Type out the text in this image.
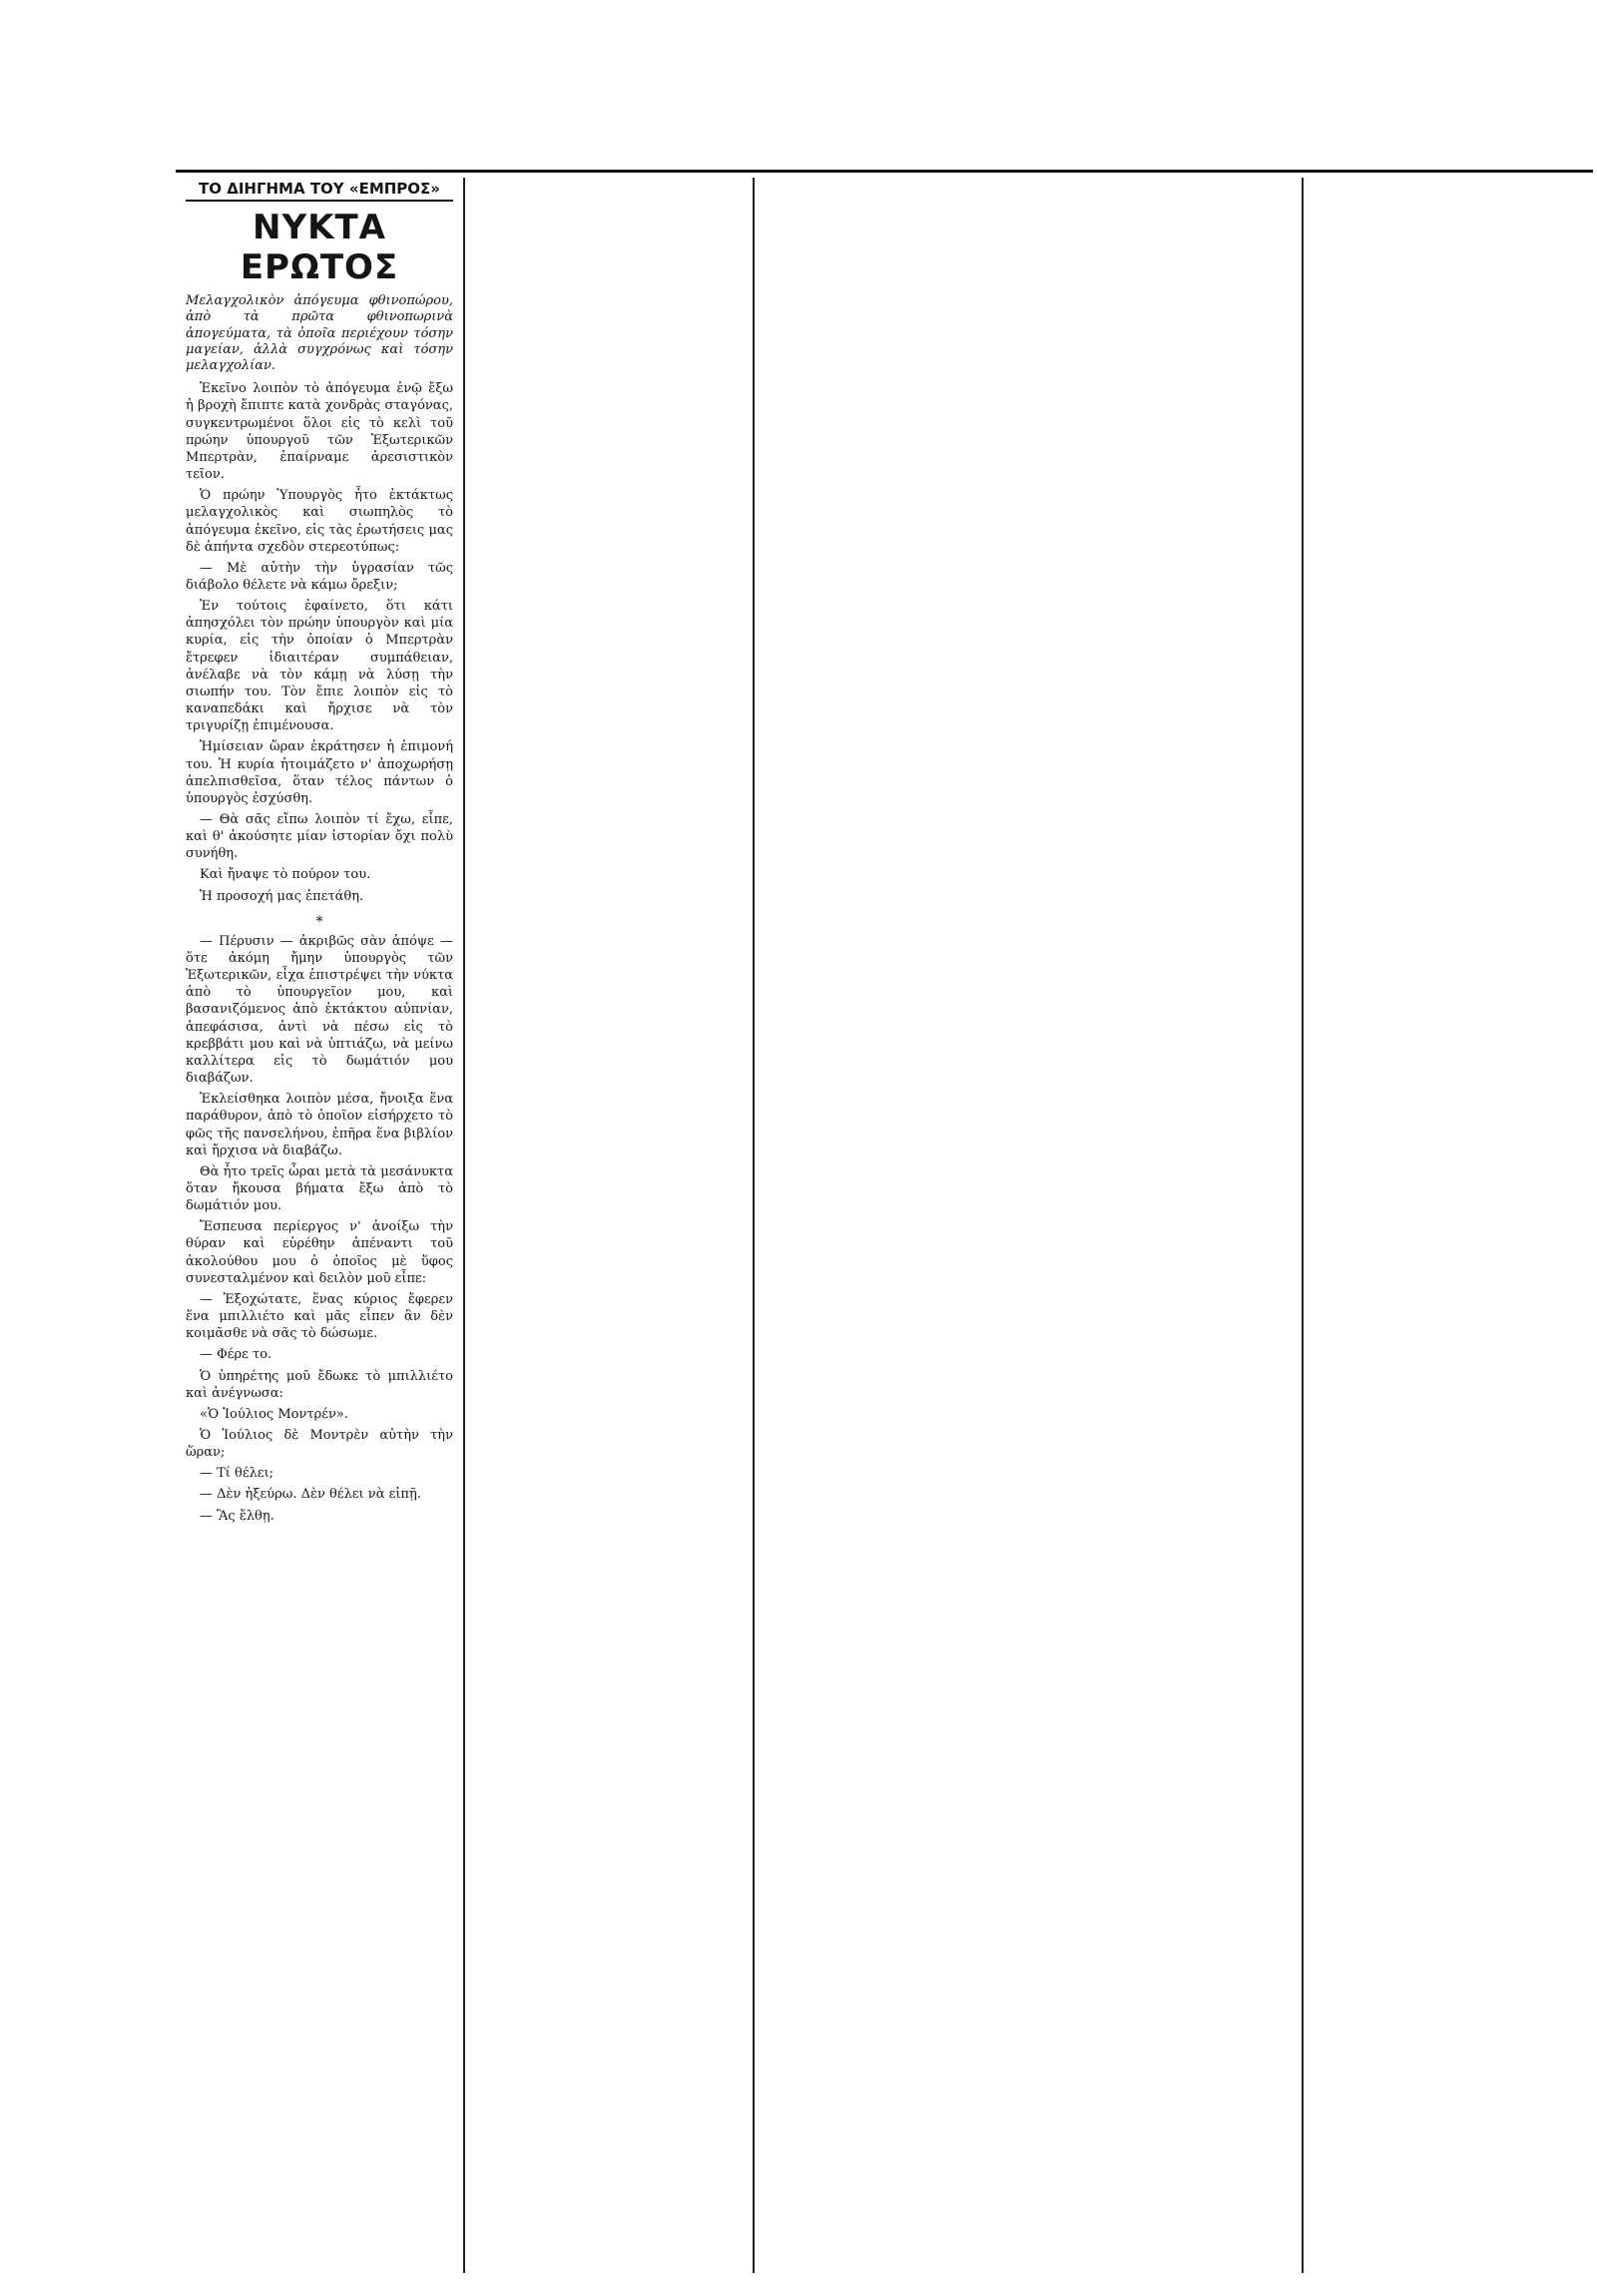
ΤΟ ΔΙΗΓΗΜΑ ΤΟΥ «ΕΜΠΡΟΣ»
ΝΥΚΤΑ ΕΡΩΤΟΣ
Μελαγχολικὸν ἀπόγευμα φθινοπώρου, ἀπὸ τὰ πρῶτα φθινοπωρινὰ ἀπογεύματα, τὰ ὁποῖα περιέχουν τόσην μαγείαν, ἀλλὰ συγχρόνως καὶ τόσην μελαγχολίαν.

Ἐκεῖνο λοιπὸν τὸ ἀπόγευμα ἐνῷ ἔξω ἡ βροχὴ ἔπιπτε κατὰ χονδρὰς σταγόνας, συγκεντρωμένοι ὅλοι εἰς τὸ κελὶ τοῦ πρώην ὑπουργοῦ τῶν Ἐξωτερικῶν Μπερτρὰν, ἐπαίρναμε ἀρεσιστικὸν τεῖον.

Ὁ πρώην Ὑπουργὸς ἦτο ἐκτάκτως μελαγχολικὸς καὶ σιωπηλὸς τὸ ἀπόγευμα ἐκεῖνο, εἰς τὰς ἐρωτήσεις μας δὲ ἀπήντα σχεδὸν στερεοτύπως:

— Μὲ αὐτὴν τὴν ὑγρασίαν τῶς διάβολο θέλετε νὰ κάμω ὄρεξιν;

Ἐν τούτοις ἐφαίνετο, ὅτι κάτι ἀπησχόλει τὸν πρώην ὑπουργὸν καὶ μία κυρία, εἰς τὴν ὁποίαν ὁ Μπερτρὰν ἔτρεφεν ἰδιαιτέραν συμπάθειαν, ἀνέλαβε νὰ τὸν κάμῃ νὰ λύσῃ τὴν σιωπήν του. Τὸν ἔπιε λοιπὸν εἰς τὸ καναπεδάκι καὶ ἤρχισε νὰ τὸν τριγυρίζῃ ἐπιμένουσα.

Ἡμίσειαν ὥραν ἐκράτησεν ἡ ἐπιμονή του. Ἡ κυρία ἠτοιμάζετο ν' ἀποχωρήσῃ ἀπελπισθεῖσα, ὅταν τέλος πάντων ὁ ὑπουργὸς ἐσχύσθη.

— Θὰ σᾶς εἴπω λοιπὸν τί ἔχω, εἶπε, καὶ θ' ἀκούσητε μίαν ἱστορίαν ὄχι πολὺ συνήθη.

Καὶ ἤναψε τὸ πούρον του.

Ἡ προσοχή μας ἐπετάθη.

∗

— Πέρυσιν — ἀκριβῶς σὰν ἀπόψε — ὅτε ἀκόμη ἤμην ὑπουργὸς τῶν Ἐξωτερικῶν, εἶχα ἐπιστρέψει τὴν νύκτα ἀπὸ τὸ ὑπουργεῖον μου, καὶ βασανιζόμενος ἀπὸ ἐκτάκτου αὐπνίαν, ἀπεφάσισα, ἀντὶ νὰ πέσω εἰς τὸ κρεββάτι μου καὶ νὰ ὑπτιάζω, νὰ μείνω καλλίτερα εἰς τὸ δωμάτιόν μου διαβάζων.

Ἐκλείσθηκα λοιπὸν μέσα, ἤνοιξα ἕνα παράθυρον, ἀπὸ τὸ ὁποῖον εἰσήρχετο τὸ φῶς τῆς πανσελήνου, ἐπῆρα ἕνα βιβλίον καὶ ἤρχισα νὰ διαβάζω.

Θὰ ἦτο τρεῖς ὧραι μετὰ τὰ μεσάνυκτα ὅταν ἤκουσα βήματα ἔξω ἀπὸ τὸ δωμάτιόν μου.

Ἔσπευσα περίεργος ν' ἀνοίξω τὴν θύραν καὶ εὑρέθην ἀπέναντι τοῦ ἀκολούθου μου ὁ ὁποῖος μὲ ὕφος συνεσταλμένον καὶ δειλὸν μοῦ εἶπε:

— Ἐξοχώτατε, ἕνας κύριος ἔφερεν ἕνα μπιλλιέτο καὶ μᾶς εἶπεν ἂν δὲν κοιμᾶσθε νὰ σᾶς τὸ δώσωμε.

— Φέρε το.

Ὁ ὑπηρέτης μοῦ ἔδωκε τὸ μπιλλιέτο καὶ ἀνέγνωσα:

«Ὁ Ἰούλιος Μοντρέν».

Ὁ Ἰούλιος δὲ Μοντρὲν αὐτὴν τὴν ὥραν;

— Τί θέλει;

— Δὲν ἠξεύρω. Δὲν θέλει νὰ εἰπῇ.

— Ἂς ἔλθῃ.
